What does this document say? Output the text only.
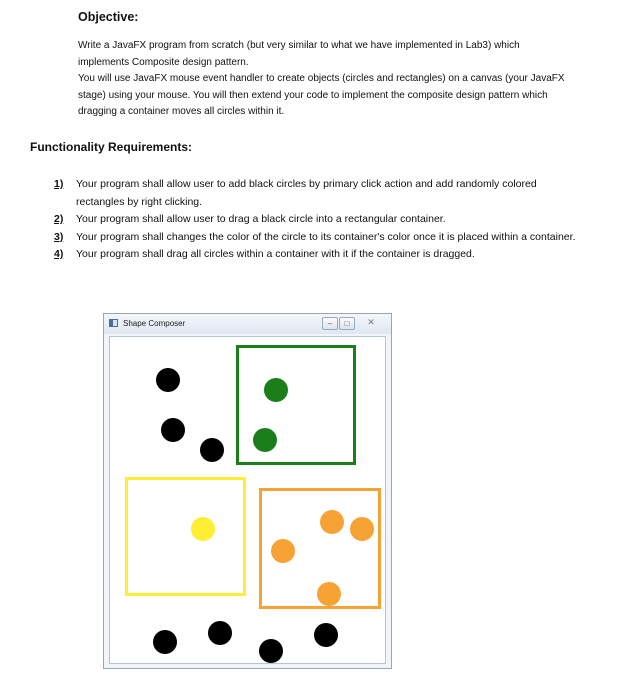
Objective:

Write a JavaFX program from scratch (but very similar to what we have implemented in Lab3) which implements Composite design pattern.

You will use JavaFX mouse event handler to create objects (circles and rectangles) on a canvas (your JavaFX stage) using your mouse. You will then extend your code to implement the composite design pattern which dragging a container moves all circles within it.

Functionality Requirements:
1)	Your program shall allow user to add black circles by primary click action and add randomly colored rectangles by right clicking.
2)	Your program shall allow user to drag a black circle into a rectangular container.
3)	Your program shall changes the color of the circle to its container's color once it is placed within a container.
4)	Your program shall drag all circles within a container with it if the container is dragged.
Shape Composer	–	□	✕
